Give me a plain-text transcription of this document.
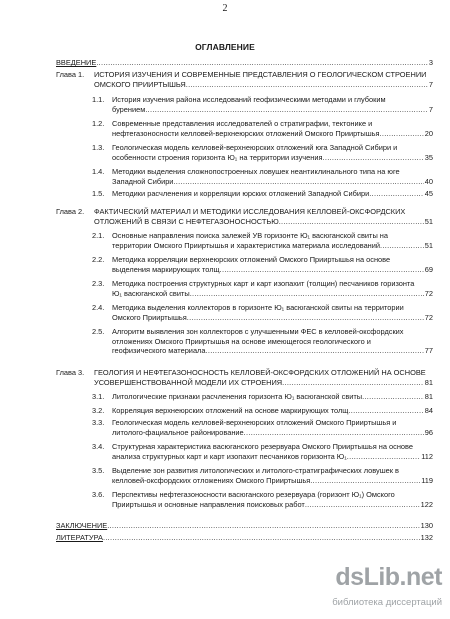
2
ОГЛАВЛЕНИЕ
ВВЕДЕНИЕ .....	3
Глава 1. ИСТОРИЯ ИЗУЧЕНИЯ И СОВРЕМЕННЫЕ ПРЕДСТАВЛЕНИЯ О ГЕОЛОГИЧЕСКОМ СТРОЕНИИ
ОМСКОГО ПРИИРТЫШЬЯ .....	7
1.1. История изучения района исследований геофизическими методами и глубоким
бурением .....	7
1.2. Современные представления исследователей о стратиграфии, тектонике и
нефтегазоносности келловей-верхнеюрских отложений Омского Прииртышья .....	20
1.3. Геологическая модель келловей-верхнеюрских отложений юга Западной Сибири и
особенности строения горизонта Ю₁ на территории изучения .....	35
1.4. Методики выделения сложнопостроенных ловушек неантиклинального типа на юге
Западной Сибири .....	40
1.5. Методики расчленения и корреляции юрских отложений Западной Сибири .....	45
Глава 2. ФАКТИЧЕСКИЙ МАТЕРИАЛ И МЕТОДИКИ ИССЛЕДОВАНИЯ КЕЛЛОВЕЙ-ОКСФОРДСКИХ
ОТЛОЖЕНИЙ В СВЯЗИ С НЕФТЕГАЗОНОСНОСТЬЮ .....	51
2.1. Основные направления поиска залежей УВ горизонте Ю₁ васюганской свиты на
территории Омского Прииртышья и характеристика материала исследований .....	51
2.2. Методика корреляции верхнеюрских отложений Омского Прииртышья на основе
выделения маркирующих толщ .....	69
2.3. Методика построения структурных карт и карт изопахит (толщин) песчаников горизонта
Ю₁ васюганской свиты .....	72
2.4. Методика выделения коллекторов в горизонте Ю₁ васюганской свиты на территории
Омского Прииртышья .....	72
2.5. Алгоритм выявления зон коллекторов с улучшенными ФЕС в келловей-оксфордских
отложениях Омского Прииртышья на основе имеющегося геологического и
геофизического материала .....	77
Глава 3. ГЕОЛОГИЯ И НЕФТЕГАЗОНОСНОСТЬ КЕЛЛОВЕЙ-ОКСФОРДСКИХ ОТЛОЖЕНИЙ НА ОСНОВЕ
УСОВЕРШЕНСТВОВАННОЙ МОДЕЛИ ИХ СТРОЕНИЯ .....	81
3.1. Литологические признаки расчленения горизонта Ю₁ васюганской свиты .....	81
3.2. Корреляция верхнеюрских отложений на основе маркирующих толщ .....	84
3.3. Геологическая модель келловей-верхнеюрских отложений Омского Прииртышья и
литолого-фациальное районирование .....	96
3.4. Структурная характеристика васюганского резервуара Омского Прииртышья на основе
анализа структурных карт и карт изопахит песчаников горизонта Ю₁ .....	112
3.5. Выделение зон развития литологических и литолого-стратиграфических ловушек в
келловей-оксфордских отложениях Омского Прииртышья .....	119
3.6. Перспективы нефтегазоносности васюганского резервуара (горизонт Ю₁) Омского
Прииртышья и основные направления поисковых работ .....	122
ЗАКЛЮЧЕНИЕ .....	130
ЛИТЕРАТУРА .....	132
dsLib.net
библиотека диссертаций
